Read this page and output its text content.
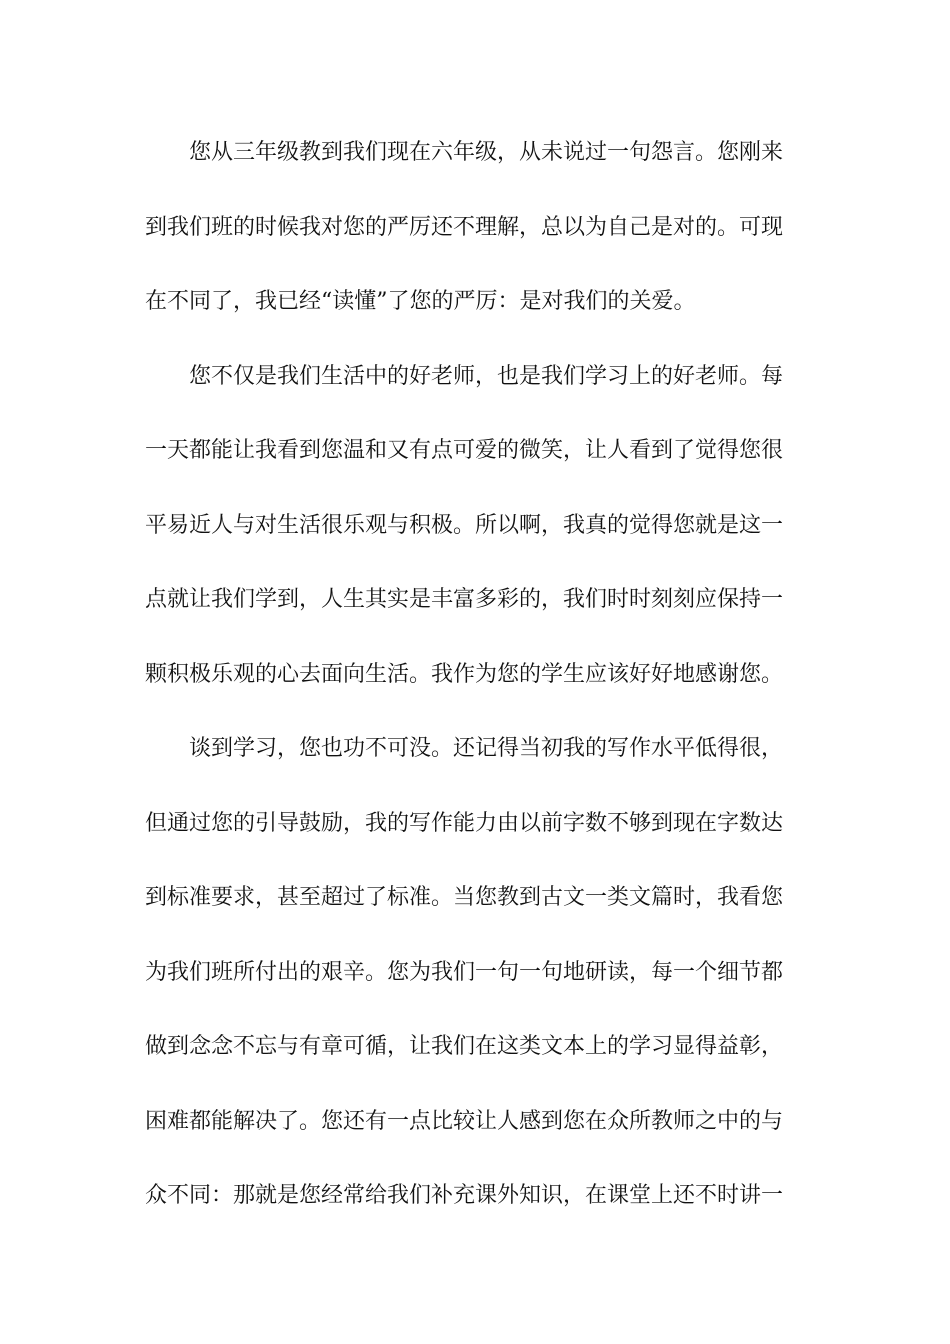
您从三年级教到我们现在六年级，从未说过一句怨言。您刚来
到我们班的时候我对您的严厉还不理解，总以为自己是对的。可现
在不同了，我已经“读懂”了您的严厉：是对我们的关爱。
您不仅是我们生活中的好老师，也是我们学习上的好老师。每
一天都能让我看到您温和又有点可爱的微笑，让人看到了觉得您很
平易近人与对生活很乐观与积极。所以啊，我真的觉得您就是这一
点就让我们学到，人生其实是丰富多彩的，我们时时刻刻应保持一
颗积极乐观的心去面向生活。我作为您的学生应该好好地感谢您。
谈到学习，您也功不可没。还记得当初我的写作水平低得很，
但通过您的引导鼓励，我的写作能力由以前字数不够到现在字数达
到标准要求，甚至超过了标准。当您教到古文一类文篇时，我看您
为我们班所付出的艰辛。您为我们一句一句地研读，每一个细节都
做到念念不忘与有章可循，让我们在这类文本上的学习显得益彰，
困难都能解决了。您还有一点比较让人感到您在众所教师之中的与
众不同：那就是您经常给我们补充课外知识，在课堂上还不时讲一
